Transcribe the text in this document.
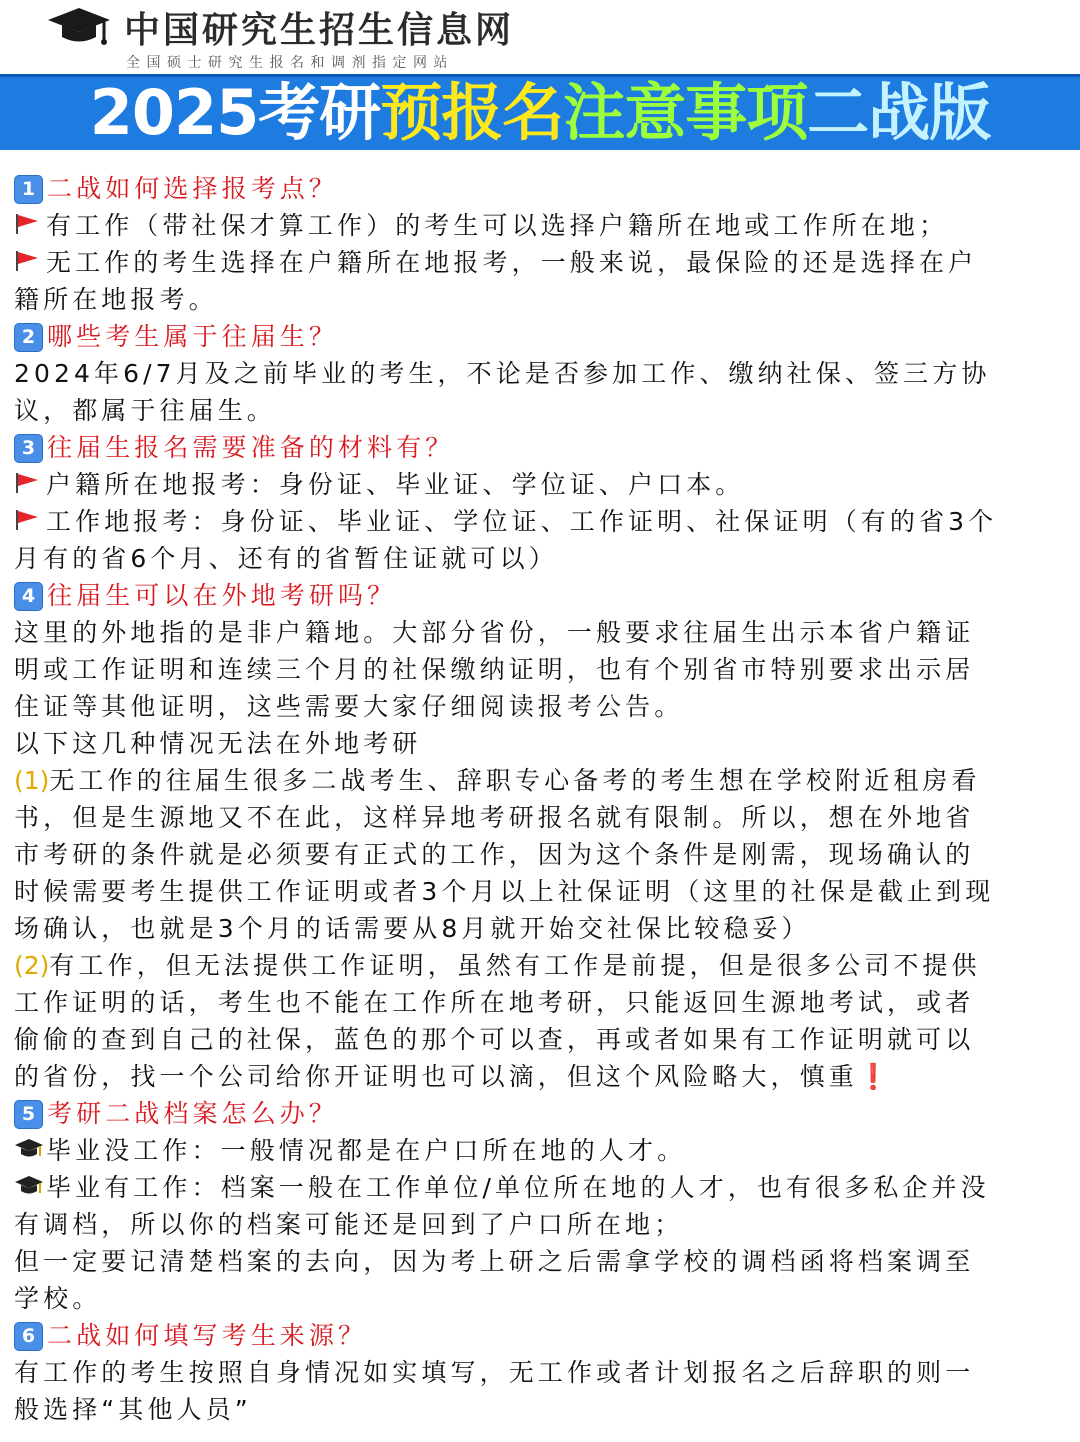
中国研究生招生信息网
全国硕士研究生报名和调剂指定网站
2025考研预报名注意事项二战版
1 二战如何选择报考点？
有工作（带社保才算工作）的考生可以选择户籍所在地或工作所在地；
无工作的考生选择在户籍所在地报考，一般来说，最保险的还是选择在户
籍所在地报考。
2 哪些考生属于往届生？
2024年6/7月及之前毕业的考生，不论是否参加工作、缴纳社保、签三方协
议，都属于往届生。
3 往届生报名需要准备的材料有？
户籍所在地报考：身份证、毕业证、学位证、户口本。
工作地报考：身份证、毕业证、学位证、工作证明、社保证明（有的省3个
月有的省6个月、还有的省暂住证就可以）
4 往届生可以在外地考研吗？
这里的外地指的是非户籍地。大部分省份，一般要求往届生出示本省户籍证
明或工作证明和连续三个月的社保缴纳证明，也有个别省市特别要求出示居
住证等其他证明，这些需要大家仔细阅读报考公告。
以下这几种情况无法在外地考研
(1)无工作的往届生很多二战考生、辞职专心备考的考生想在学校附近租房看
书，但是生源地又不在此，这样异地考研报名就有限制。所以，想在外地省
市考研的条件就是必须要有正式的工作，因为这个条件是刚需，现场确认的
时候需要考生提供工作证明或者3个月以上社保证明（这里的社保是截止到现
场确认，也就是3个月的话需要从8月就开始交社保比较稳妥）
(2)有工作，但无法提供工作证明，虽然有工作是前提，但是很多公司不提供
工作证明的话，考生也不能在工作所在地考研，只能返回生源地考试，或者
偷偷的查到自己的社保，蓝色的那个可以查，再或者如果有工作证明就可以
的省份，找一个公司给你开证明也可以滴，但这个风险略大，慎重❗
5 考研二战档案怎么办？
毕业没工作：一般情况都是在户口所在地的人才。
毕业有工作：档案一般在工作单位/单位所在地的人才，也有很多私企并没
有调档，所以你的档案可能还是回到了户口所在地；
但一定要记清楚档案的去向，因为考上研之后需拿学校的调档函将档案调至
学校。
6 二战如何填写考生来源？
有工作的考生按照自身情况如实填写，无工作或者计划报名之后辞职的则一
般选择“其他人员”
